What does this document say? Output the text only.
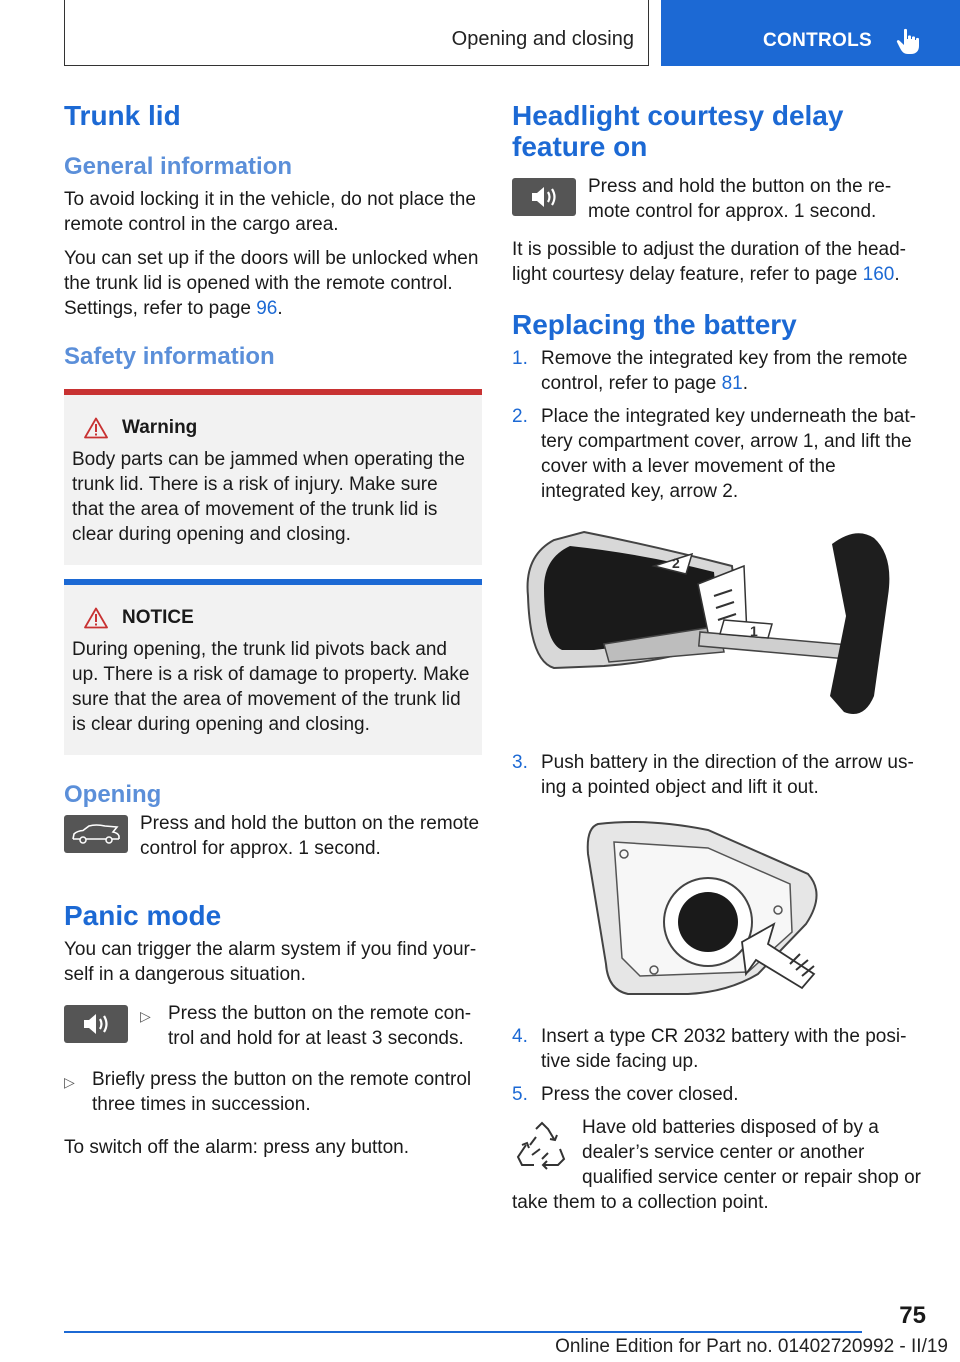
Opening and closing	CONTROLS
Trunk lid
General information

To avoid locking it in the vehicle, do not place the remote control in the cargo area.

You can set up if the doors will be unlocked when the trunk lid is opened with the remote control. Settings, refer to page 96.

Safety information
Warning

Body parts can be jammed when operating the trunk lid. There is a risk of injury. Make sure that the area of movement of the trunk lid is clear during opening and closing.

NOTICE

During opening, the trunk lid pivots back and up. There is a risk of damage to property. Make sure that the area of movement of the trunk lid is clear during opening and closing.

Opening

Press and hold the button on the remote control for approx. 1 second.

Panic mode

You can trigger the alarm system if you find yourself in a dangerous situation.

▷ Press the button on the remote control and hold for at least 3 seconds.
▷ Briefly press the button on the remote control three times in succession.

To switch off the alarm: press any button.

Headlight courtesy delay feature on

Press and hold the button on the remote control for approx. 1 second.

It is possible to adjust the duration of the headlight courtesy delay feature, refer to page 160.

Replacing the battery
1. Remove the integrated key from the remote control, refer to page 81.
2. Place the integrated key underneath the battery compartment cover, arrow 1, and lift the cover with a lever movement of the integrated key, arrow 2.
2
1
3. Push battery in the direction of the arrow using a pointed object and lift it out.
4. Insert a type CR 2032 battery with the positive side facing up.
5. Press the cover closed.

Have old batteries disposed of by a dealer’s service center or another qualified service center or repair shop or take them to a collection point.

75
Online Edition for Part no. 01402720992 - II/19
